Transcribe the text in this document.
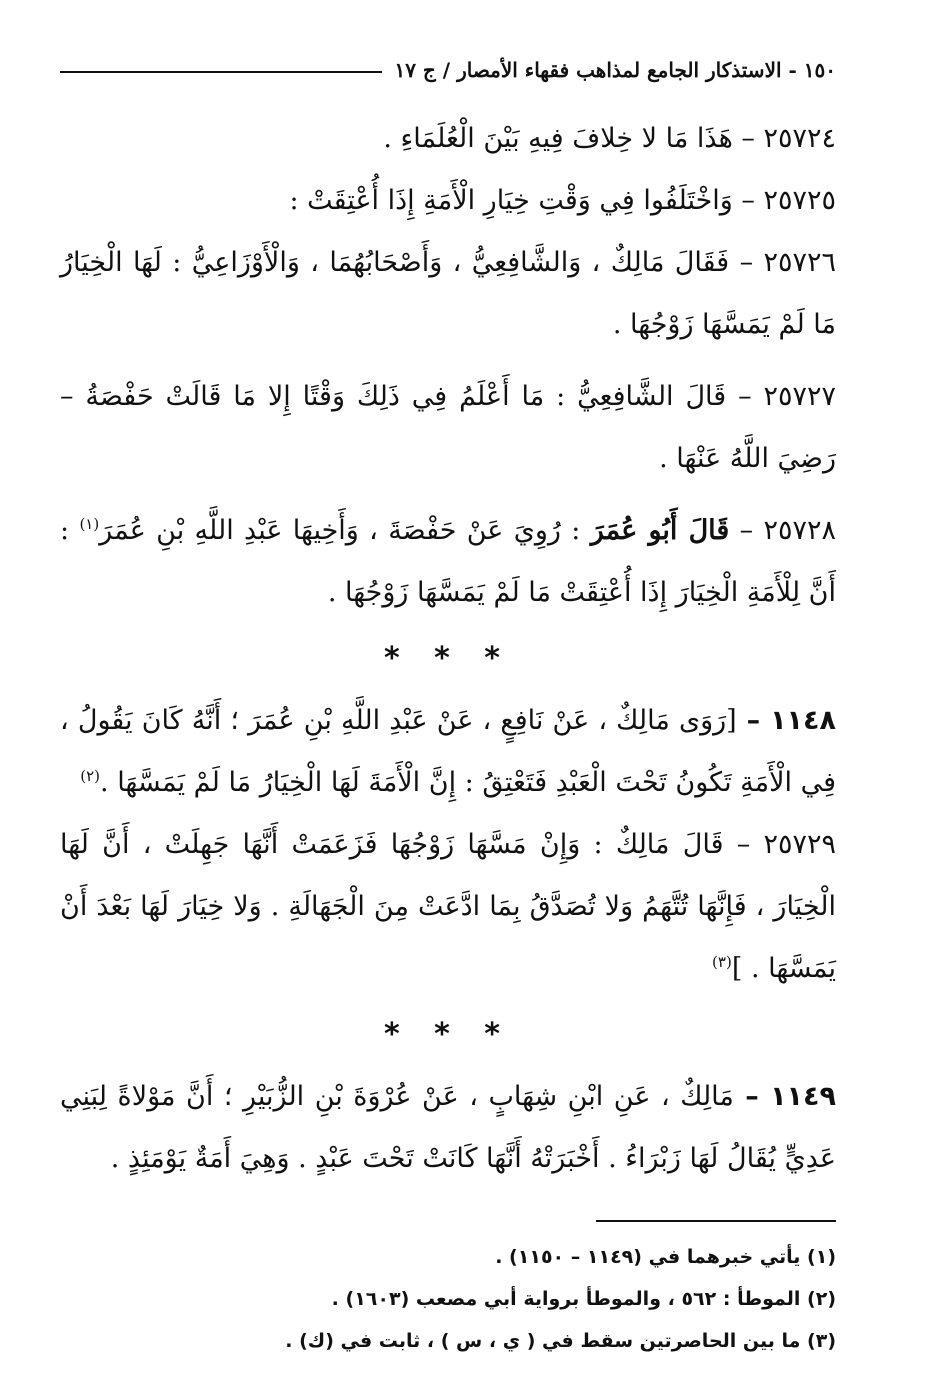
١٥٠ - الاستذكار الجامع لمذاهب فقهاء الأمصار / ج ١٧

٢٥٧٢٤ – هَذَا مَا لا خِلافَ فِيهِ بَيْنَ الْعُلَمَاءِ .

٢٥٧٢٥ – وَاخْتَلَفُوا فِي وَقْتِ خِيَارِ الْأَمَةِ إِذَا أُعْتِقَتْ :

٢٥٧٢٦ – فَقَالَ مَالِكٌ ، وَالشَّافِعِيُّ ، وَأَصْحَابُهُمَا ، وَالْأَوْزَاعِيُّ : لَهَا الْخِيَارُ مَا لَمْ يَمَسَّهَا زَوْجُهَا .

٢٥٧٢٧ – قَالَ الشَّافِعِيُّ : مَا أَعْلَمُ فِي ذَلِكَ وَقْتًا إِلا مَا قَالَتْ حَفْصَةُ – رَضِيَ اللَّهُ عَنْهَا .

٢٥٧٢٨ – قَالَ أَبُو عُمَرَ : رُوِيَ عَنْ حَفْصَةَ ، وَأَخِيهَا عَبْدِ اللَّهِ بْنِ عُمَرَ$^{(١)}$ : أَنَّ لِلْأَمَةِ الْخِيَارَ إِذَا أُعْتِقَتْ مَا لَمْ يَمَسَّهَا زَوْجُهَا .

* * *

١١٤٨ – [رَوَى مَالِكٌ ، عَنْ نَافِعٍ ، عَنْ عَبْدِ اللَّهِ بْنِ عُمَرَ ؛ أَنَّهُ كَانَ يَقُولُ ، فِي الْأَمَةِ تَكُونُ تَحْتَ الْعَبْدِ فَتَعْتِقُ : إِنَّ الْأَمَةَ لَهَا الْخِيَارُ مَا لَمْ يَمَسَّهَا .$^{(٢)}$

٢٥٧٢٩ – قَالَ مَالِكٌ : وَإِنْ مَسَّهَا زَوْجُهَا فَزَعَمَتْ أَنَّهَا جَهِلَتْ ، أَنَّ لَهَا الْخِيَارَ ، فَإِنَّهَا تُتَّهَمُ وَلا تُصَدَّقُ بِمَا ادَّعَتْ مِنَ الْجَهَالَةِ . وَلا خِيَارَ لَهَا بَعْدَ أَنْ يَمَسَّهَا . ]$^{(٣)}$

* * *

١١٤٩ – مَالِكٌ ، عَنِ ابْنِ شِهَابٍ ، عَنْ عُرْوَةَ بْنِ الزُّبَيْرِ ؛ أَنَّ مَوْلاةً لِبَنِي عَدِيٍّ يُقَالُ لَهَا زَبْرَاءُ . أَخْبَرَتْهُ أَنَّهَا كَانَتْ تَحْتَ عَبْدٍ . وَهِيَ أَمَةٌ يَوْمَئِذٍ .

(١) يأتي خبرهما في (١١٤٩ – ١١٥٠) .

(٢) الموطأ : ٥٦٢ ، والموطأ برواية أبي مصعب (١٦٠٣) .

(٣) ما بين الحاصرتين سقط في ( ي ، س ) ، ثابت في (ك) .
